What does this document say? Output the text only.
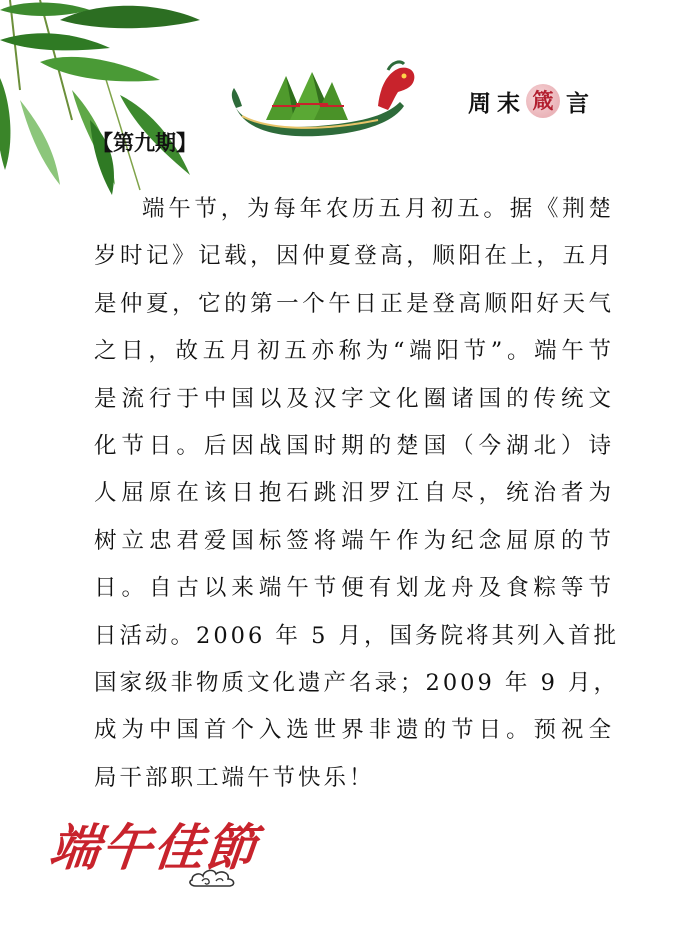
周末 箴 言
【第九期】
端午节，为每年农历五月初五。据《荆楚
岁时记》记载，因仲夏登高，顺阳在上，五月
是仲夏，它的第一个午日正是登高顺阳好天气
之日，故五月初五亦称为“端阳节”。端午节
是流行于中国以及汉字文化圈诸国的传统文
化节日。后因战国时期的楚国（今湖北）诗
人屈原在该日抱石跳汨罗江自尽，统治者为
树立忠君爱国标签将端午作为纪念屈原的节
日。自古以来端午节便有划龙舟及食粽等节
日活动。2006 年 5 月，国务院将其列入首批
国家级非物质文化遗产名录；2009 年 9 月，
成为中国首个入选世界非遗的节日。预祝全
局干部职工端午节快乐！
端午佳節
